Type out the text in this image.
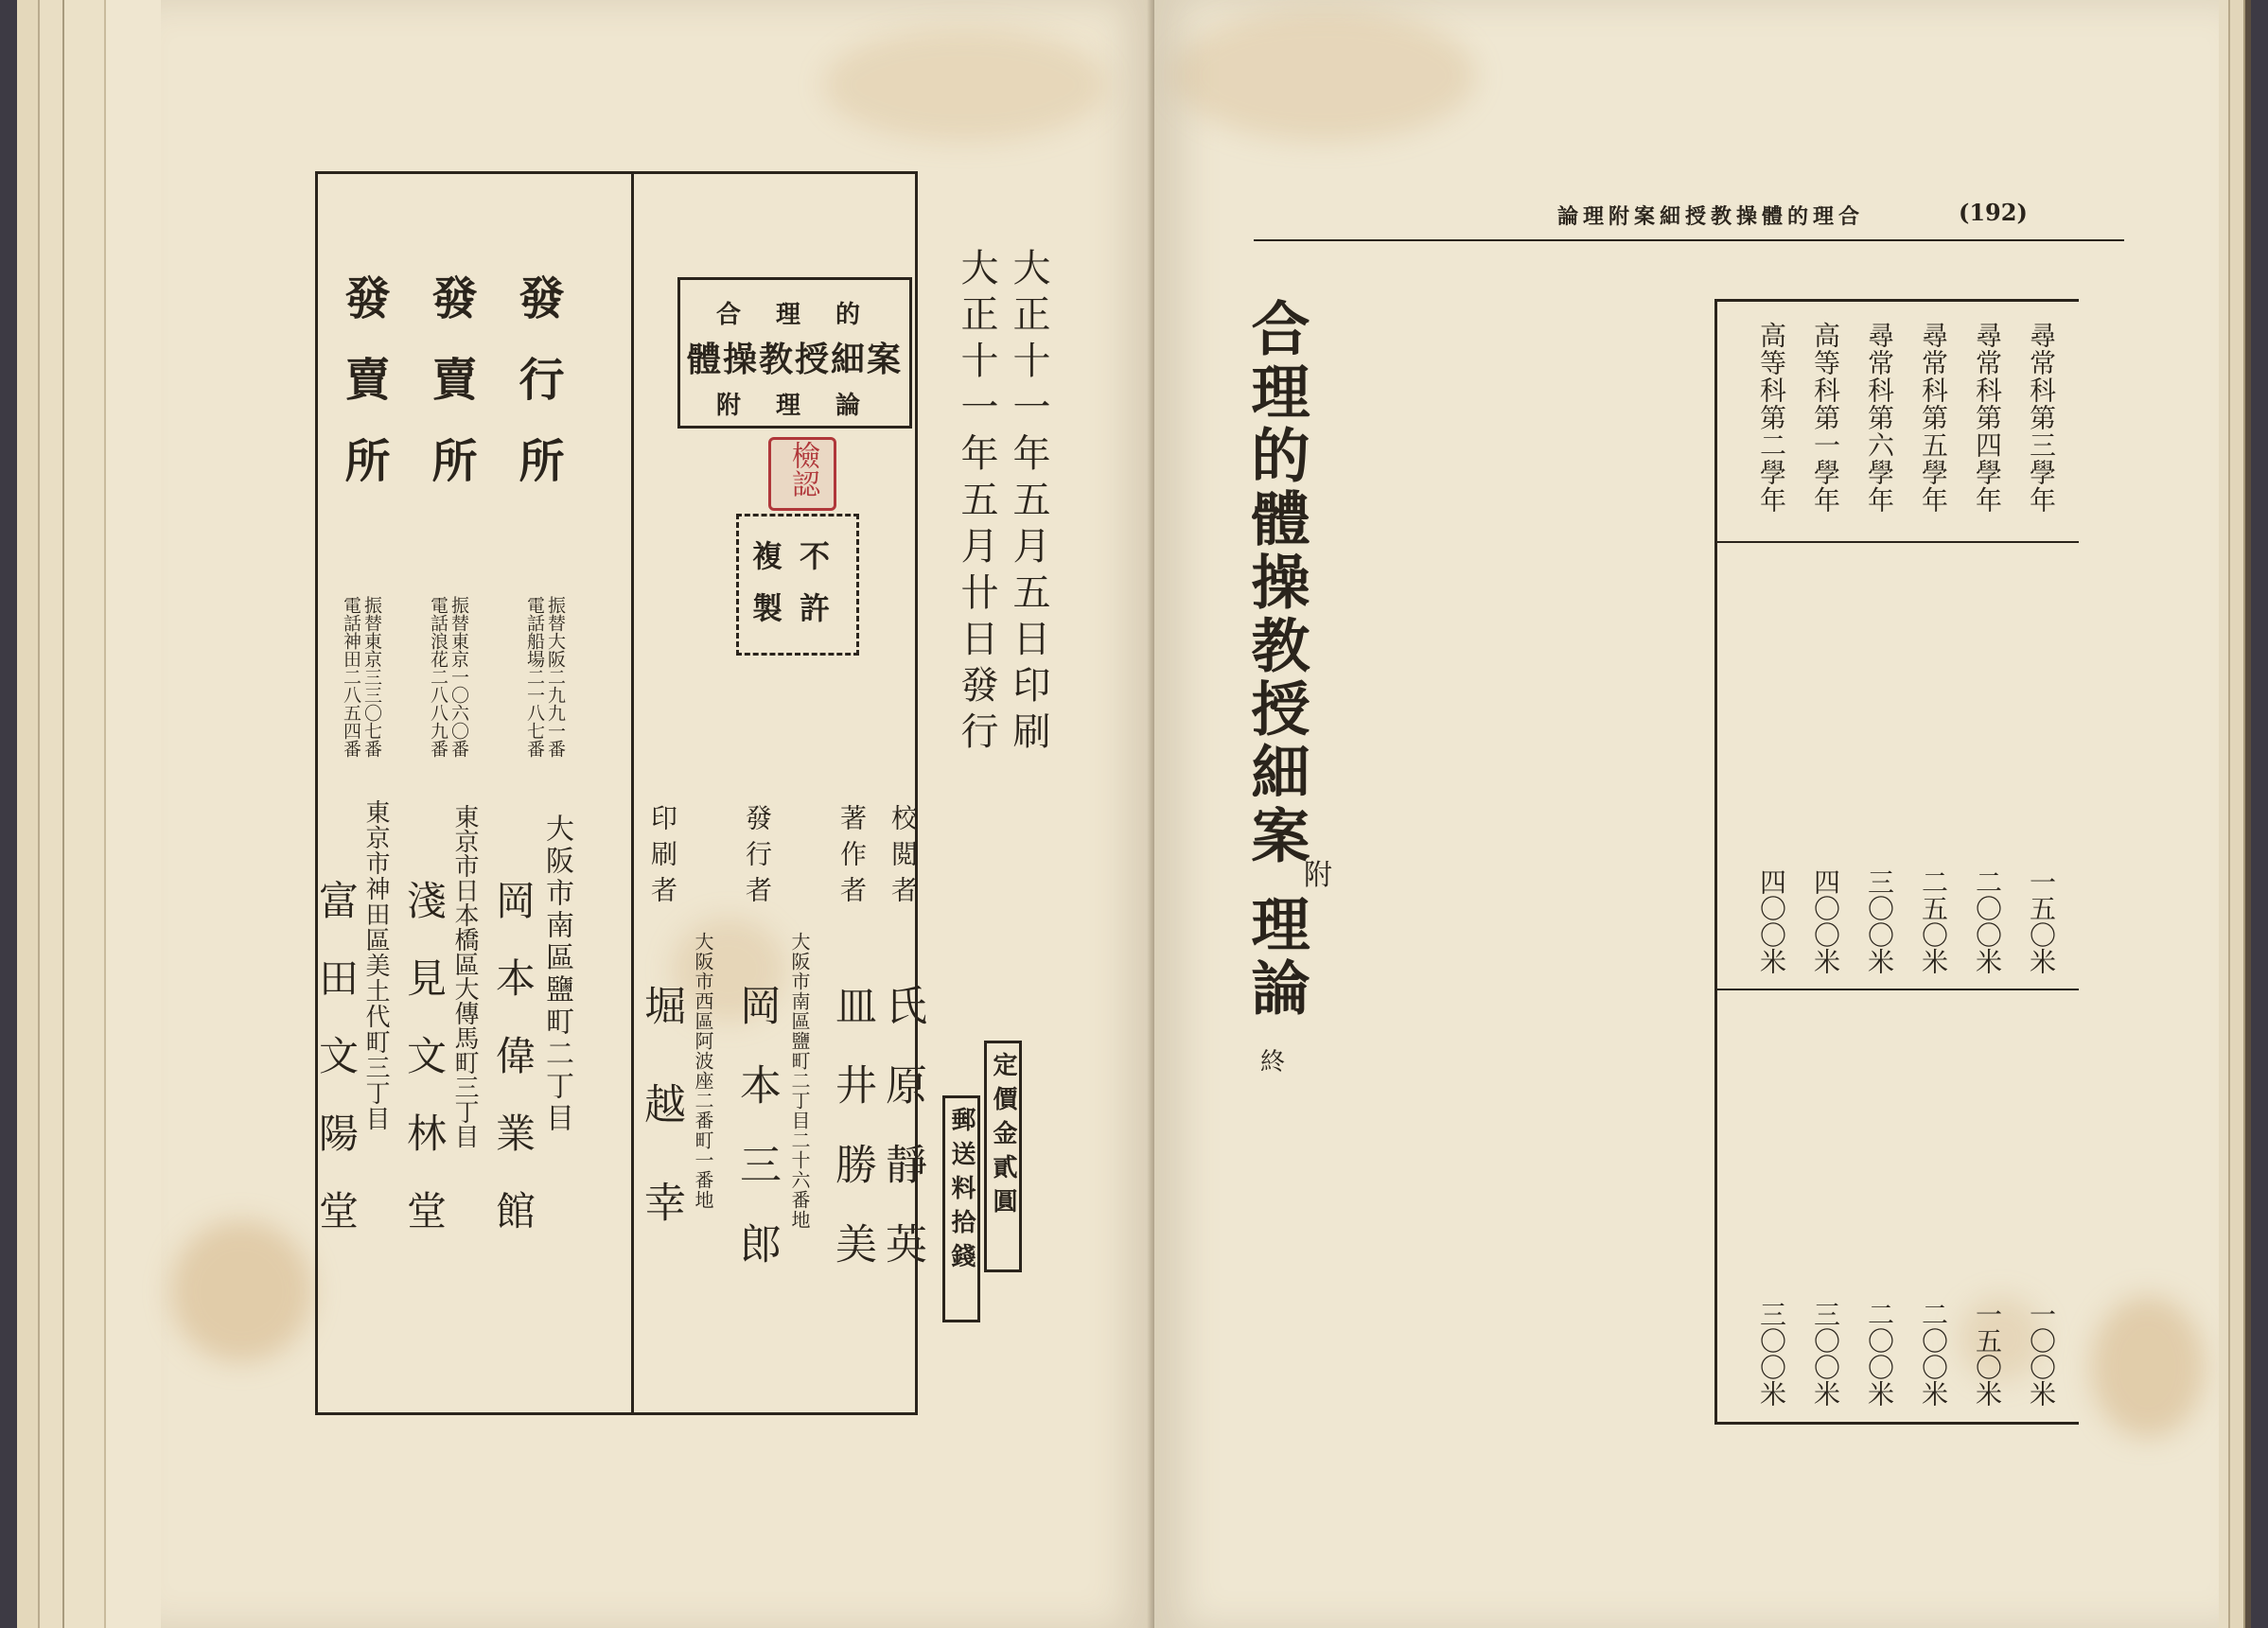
大正十一年五月五日印刷
大正十一年五月卄日發行
合 理 的
體操教授細案
附 理 論
檢認
不
許
複
製
定價金貳圓
郵送料拾錢
校閲者
氏原靜英
著作者
皿井勝美
發行者
大阪市南區鹽町二丁目二十六番地
岡本三郎
印刷者
大阪市西區阿波座二番町一番地
堀越幸
發行所
發賣所
發賣所
振替大阪二九九一番
電話船場二一八七番
振替東京一〇六〇番
電話浪花二八八九番
振替東京三三〇七番
電話神田二八五四番
大阪市南區鹽町二丁目
東京市日本橋區大傳馬町三丁目
東京市神田區美土代町三丁目	岡本偉業館
淺見文林堂
富田文陽堂
論理附案細授教操體的理合	(192)
合理的體操教授細案
附
理論
終
尋常科第三學年
尋常科第四學年
尋常科第五學年
尋常科第六學年
高等科第一學年
高等科第二學年
一五〇米
二〇〇米
二五〇米
三〇〇米
四〇〇米
四〇〇米
一〇〇米
一五〇米
二〇〇米
二〇〇米
三〇〇米
三〇〇米
